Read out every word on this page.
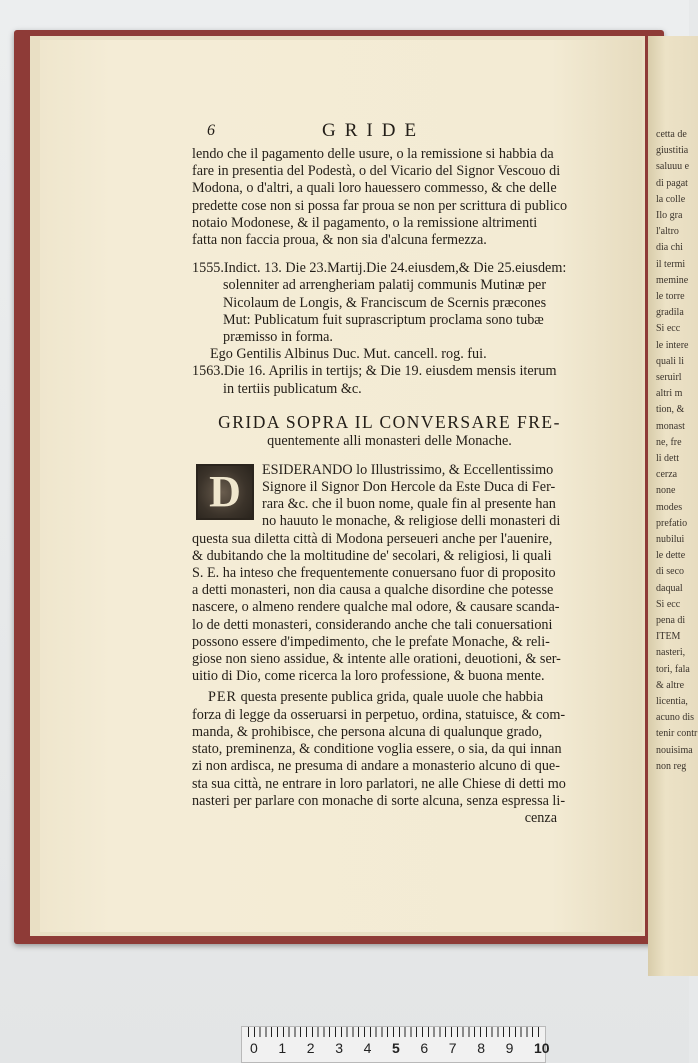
cetta de
giustitia
saluuu e
di pagat
la colle
Ilo gra
l'altro
dia chi
il termi
memine
le torre
gradila
Si ecc
le intere
quali li
seruirl
altri m
tion, &
monast
ne, fre
li dett
cerza
none
modes
prefatio
nubilui
le dette
di seco
daqual
Si ecc
pena di
ITEM
nasteri,
tori, fala
& altre
licentia,
acuno dis
tenir contr
nouisima
non reg
6	GRIDE
lendo che il pagamento delle usure, o la remissione si habbia da
fare in presentia del Podestà, o del Vicario del Signor Vescouo di
Modona, o d'altri, a quali loro hauessero commesso, & che delle
predette cose non si possa far proua se non per scrittura di publico
notaio Modonese, & il pagamento, o la remissione altrimenti
fatta non faccia proua, & non sia d'alcuna fermezza.
1555.Indict. 13. Die 23.Martij.Die 24.eiusdem,& Die 25.eiusdem:
solenniter ad arrengheriam palatij communis Mutinæ per
Nicolaum de Longis, & Franciscum de Scernis præcones
Mut: Publicatum fuit suprascriptum proclama sono tubæ
præmisso in forma.
Ego Gentilis Albinus Duc. Mut. cancell. rog. fui.
1563.Die 16. Aprilis in tertijs; & Die 19. eiusdem mensis iterum
in tertiis publicatum &c.
GRIDA SOPRA IL CONVERSARE FRE-
quentemente alli monasteri delle Monache.
D	ESIDERANDO lo Illustrissimo, & Eccellentissimo
Signore il Signor Don Hercole da Este Duca di Fer-
rara &c. che il buon nome, quale fin al presente han
no hauuto le monache, & religiose delli monasteri di
questa sua diletta città di Modona perseueri anche per l'auenire,
& dubitando che la moltitudine de' secolari, & religiosi, li quali
S. E. ha inteso che frequentemente conuersano fuor di proposito
a detti monasteri, non dia causa a qualche disordine che potesse
nascere, o almeno rendere qualche mal odore, & causare scanda-
lo de detti monasteri, considerando anche che tali conuersationi
possono essere d'impedimento, che le prefate Monache, & reli-
giose non sieno assidue, & intente alle orationi, deuotioni, & ser-
uitio di Dio, come ricerca la loro professione, & buona mente.
PER questa presente publica grida, quale uuole che habbia
forza di legge da osseruarsi in perpetuo, ordina, statuisce, & com-
manda, & prohibisce, che persona alcuna di qualunque grado,
stato, preminenza, & conditione voglia essere, o sia, da qui innan
zi non ardisca, ne presuma di andare a monasterio alcuno di que-
sta sua città, ne entrare in loro parlatori, ne alle Chiese di detti mo
nasteri per parlare con monache di sorte alcuna, senza espressa li-
cenza
0 1 2 3 4 5 6 7 8 9 10
